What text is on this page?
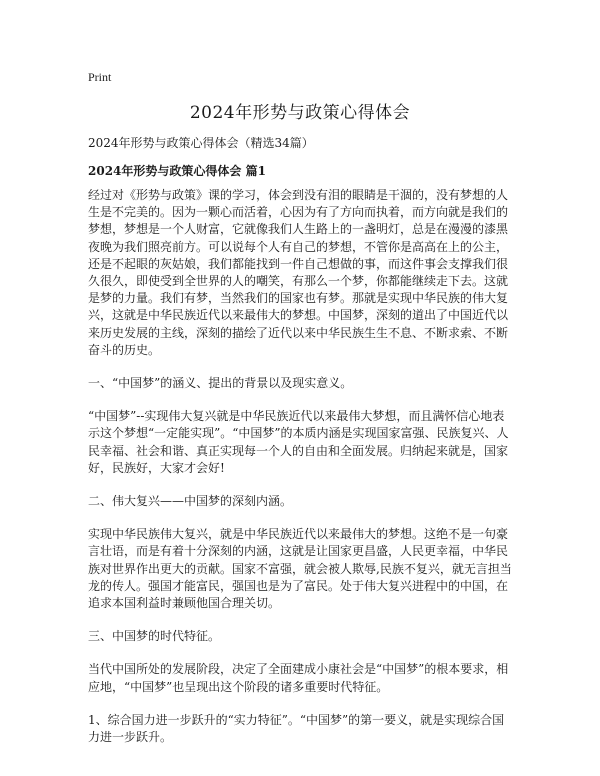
Print
2024年形势与政策心得体会

2024年形势与政策心得体会（精选34篇）

2024年形势与政策心得体会 篇1

经过对《形势与政策》课的学习，体会到没有泪的眼睛是干涸的，没有梦想的人生是不完美的。因为一颗心而活着，心因为有了方向而执着，而方向就是我们的梦想，梦想是一个人财富，它就像我们人生路上的一盏明灯，总是在漫漫的漆黑夜晚为我们照亮前方。可以说每个人有自己的梦想，不管你是高高在上的公主，还是不起眼的灰姑娘，我们都能找到一件自己想做的事，而这件事会支撑我们很久很久，即使受到全世界的人的嘲笑，有那么一个梦，你都能继续走下去。这就是梦的力量。我们有梦，当然我们的国家也有梦。那就是实现中华民族的伟大复兴，这就是中华民族近代以来最伟大的梦想。中国梦，深刻的道出了中国近代以来历史发展的主线，深刻的描绘了近代以来中华民族生生不息、不断求索、不断奋斗的历史。

一、“中国梦”的涵义、提出的背景以及现实意义。

“中国梦”--实现伟大复兴就是中华民族近代以来最伟大梦想，而且满怀信心地表示这个梦想“一定能实现”。“中国梦”的本质内涵是实现国家富强、民族复兴、人民幸福、社会和谐、真正实现每一个人的自由和全面发展。归纳起来就是，国家好，民族好，大家才会好!

二、伟大复兴——中国梦的深刻内涵。

实现中华民族伟大复兴，就是中华民族近代以来最伟大的梦想。这绝不是一句豪言壮语，而是有着十分深刻的内涵，这就是让国家更昌盛，人民更幸福，中华民族对世界作出更大的贡献。国家不富强，就会被人欺辱,民族不复兴，就无言担当龙的传人。强国才能富民，强国也是为了富民。处于伟大复兴进程中的中国，在追求本国利益时兼顾他国合理关切。

三、中国梦的时代特征。

当代中国所处的发展阶段，决定了全面建成小康社会是“中国梦”的根本要求，相应地，“中国梦”也呈现出这个阶段的诸多重要时代特征。

1、综合国力进一步跃升的“实力特征”。“中国梦”的第一要义，就是实现综合国力进一步跃升。
